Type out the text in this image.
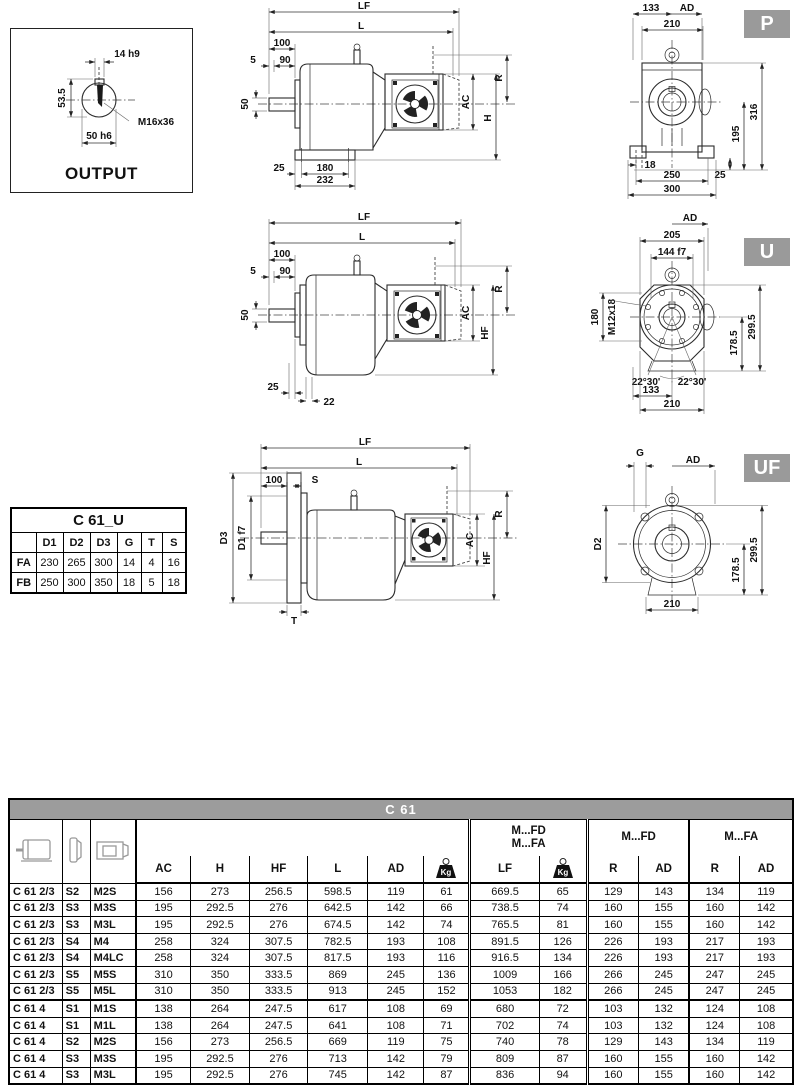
14 h9
53.5
50 h6
M16x36
OUTPUT
P
U
UF
LF
L
100
5 90
50
25	180
232
R
AC
H
133 AD
210
25
195
316
18
250
300
LF
L
100
5 90
50
25
22
R
AC
HF
AD
205
144 f7
180 M12x18	299.5
178.5
22°30' 22°30'
133
210
LF
L
100	S
D3 D1 f7
T
R
AC
HF
G
AD
D2	299.5
178.5
210
C 61_U						
	D1	D2	D3	G	T	S
FA	230	265	300	14	4	16
FB	250	300	350	18	5	18
C 61														

M...FD
M...FA		M...FD		M...FA	
			AC	H	HF	L	AD	Kg	LF	Kg	R	AD	R	AD
C 61 2/3	S2	M2S	156	273	256.5	598.5	119	61	669.5	65	129	143	134	119
C 61 2/3	S3	M3S	195	292.5	276	642.5	142	66	738.5	74	160	155	160	142
C 61 2/3	S3	M3L	195	292.5	276	674.5	142	74	765.5	81	160	155	160	142
C 61 2/3	S4	M4	258	324	307.5	782.5	193	108	891.5	126	226	193	217	193
C 61 2/3	S4	M4LC	258	324	307.5	817.5	193	116	916.5	134	226	193	217	193
C 61 2/3	S5	M5S	310	350	333.5	869	245	136	1009	166	266	245	247	245
C 61 2/3	S5	M5L	310	350	333.5	913	245	152	1053	182	266	245	247	245
C 61 4	S1	M1S	138	264	247.5	617	108	69	680	72	103	132	124	108
C 61 4	S1	M1L	138	264	247.5	641	108	71	702	74	103	132	124	108
C 61 4	S2	M2S	156	273	256.5	669	119	75	740	78	129	143	134	119
C 61 4	S3	M3S	195	292.5	276	713	142	79	809	87	160	155	160	142
C 61 4	S3	M3L	195	292.5	276	745	142	87	836	94	160	155	160	142
